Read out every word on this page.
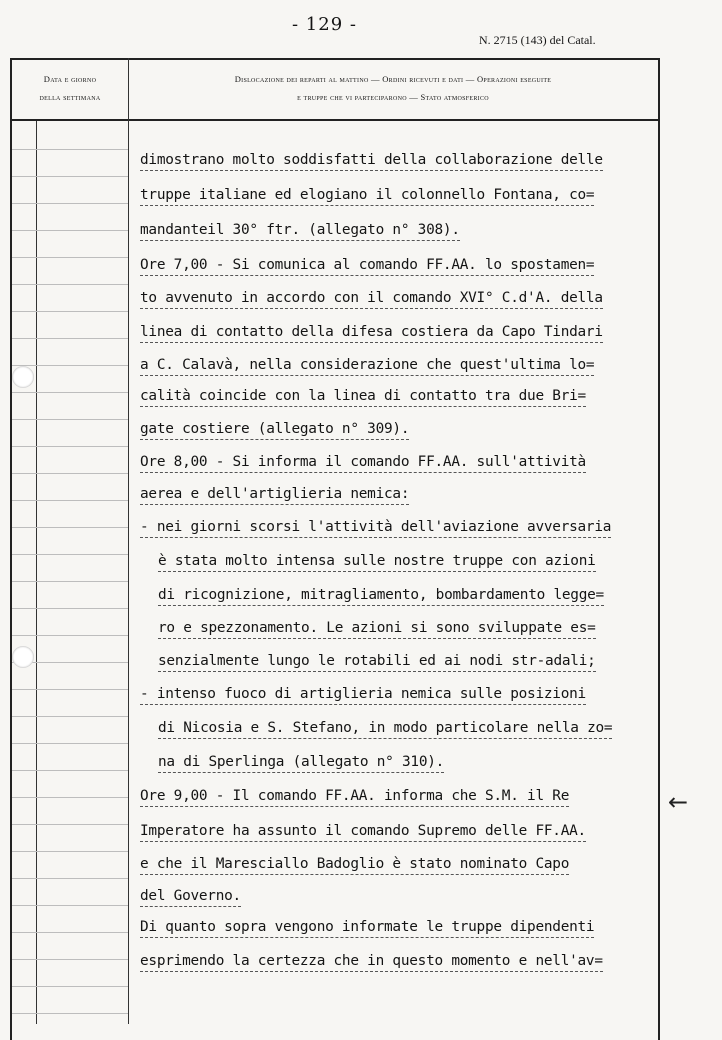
- 129 -
N. 2715 (143) del Catal.
Data e giorno
della settimana
Dislocazione dei reparti al mattino — Ordini ricevuti e dati — Operazioni eseguite
e truppe che vi parteciparono — Stato atmosferico
dimostrano molto soddisfatti della collaborazione delle
truppe italiane ed elogiano il colonnello Fontana, co=
mandanteil 30° ftr. (allegato n° 308).
Ore 7,00 - Si comunica al comando FF.AA. lo spostamen=
to avvenuto in accordo con il comando XVI° C.d'A. della
linea di contatto della difesa costiera da Capo Tindari
a C. Calavà, nella considerazione che quest'ultima lo=
calità coincide con la linea di contatto tra due Bri=
gate costiere (allegato n° 309).
Ore 8,00 - Si informa il comando FF.AA. sull'attività
aerea e dell'artiglieria nemica:
- nei giorni scorsi l'attività dell'aviazione avversaria
è stata molto intensa sulle nostre truppe con azioni
di ricognizione, mitragliamento, bombardamento legge=
ro e spezzonamento. Le azioni si sono sviluppate es=
senzialmente lungo le rotabili ed ai nodi str-adali;
- intenso fuoco di artiglieria nemica sulle posizioni
di Nicosia e S. Stefano, in modo particolare nella zo=
na di Sperlinga (allegato n° 310).
Ore 9,00 - Il comando FF.AA. informa che S.M. il Re
Imperatore ha assunto il comando Supremo delle FF.AA.
e che il Maresciallo Badoglio è stato nominato Capo
del Governo.
Di quanto sopra vengono informate le truppe dipendenti
esprimendo la certezza che in questo momento e nell'av=
←
